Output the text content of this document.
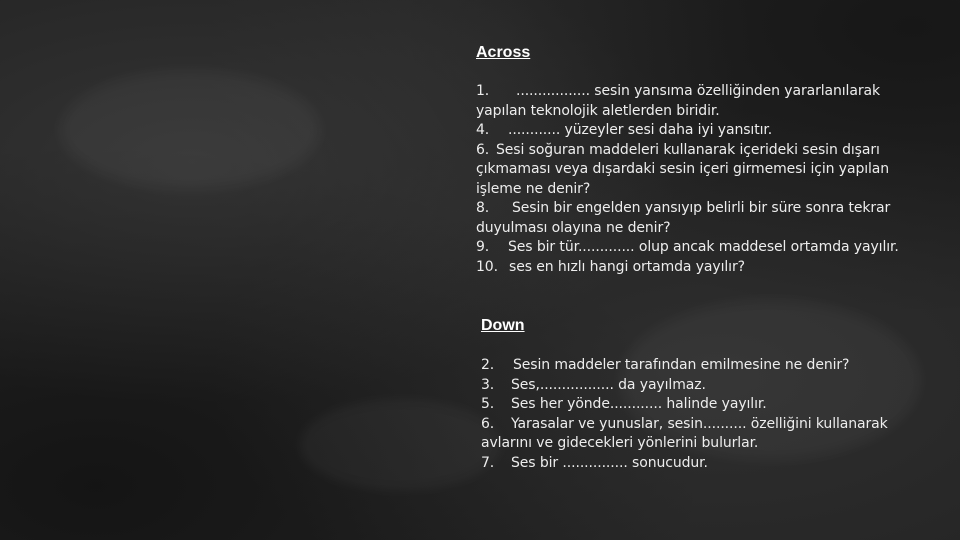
Across

1. ................. sesin yansıma özelliğinden yararlanılarak yapılan teknolojik aletlerden biridir.

4. ............ yüzeyler sesi daha iyi yansıtır.

6. Sesi soğuran maddeleri kullanarak içerideki sesin dışarı çıkmaması veya dışardaki sesin içeri girmemesi için yapılan işleme ne denir?

8. Sesin bir engelden yansıyıp belirli bir süre sonra tekrar duyulması olayına ne denir?

9. Ses bir tür............. olup ancak maddesel ortamda yayılır.

10. ses en hızlı hangi ortamda yayılır?

Down

2. Sesin maddeler tarafından emilmesine ne denir?

3. Ses,................. da yayılmaz.

5. Ses her yönde............ halinde yayılır.

6. Yarasalar ve yunuslar, sesin.......... özelliğini kullanarak avlarını ve gidecekleri yönlerini bulurlar.

7. Ses bir ............... sonucudur.
